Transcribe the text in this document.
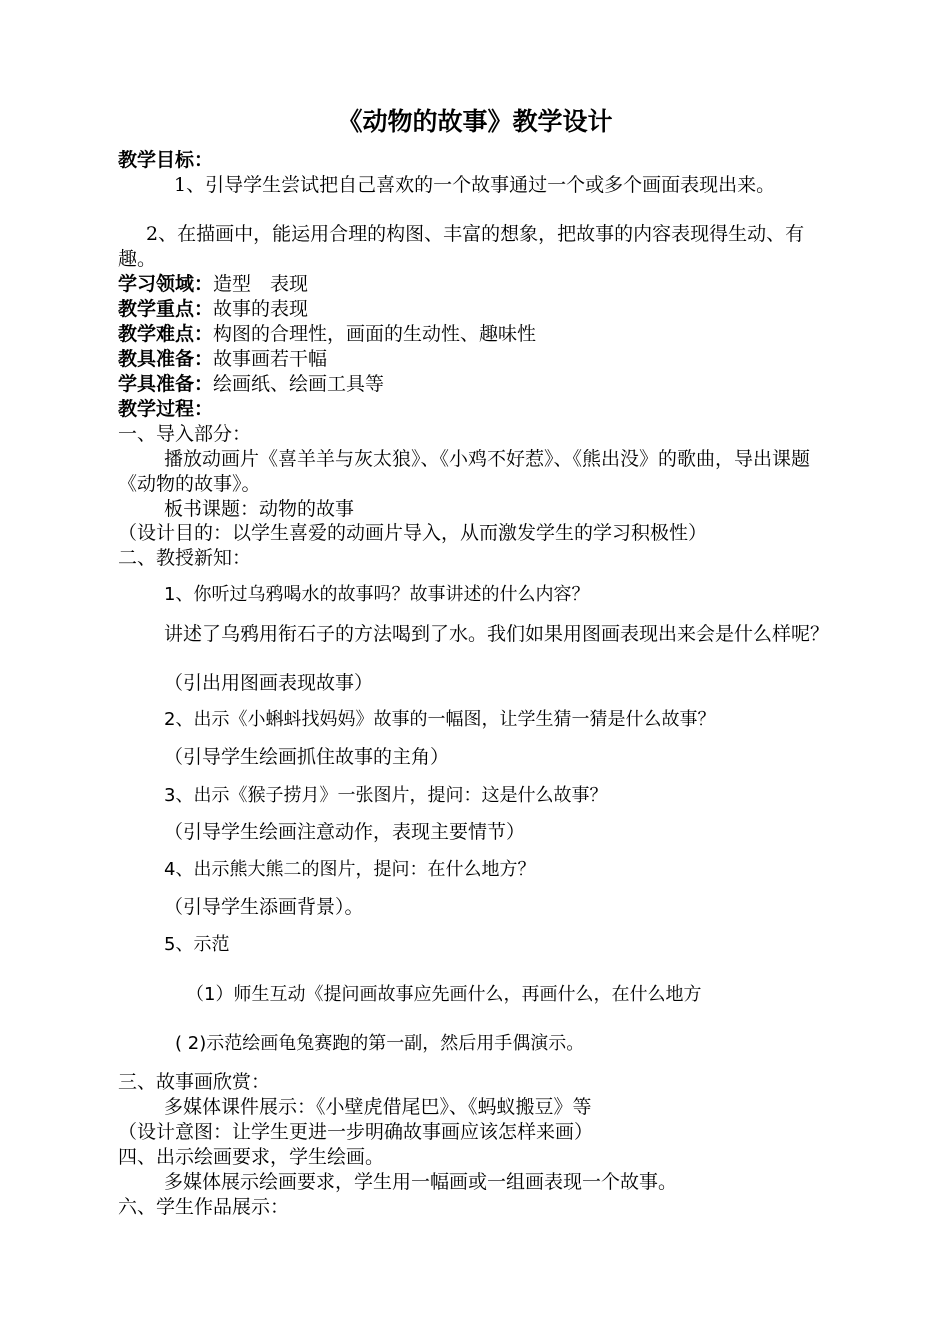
《动物的故事》教学设计
教学目标：
1、引导学生尝试把自己喜欢的一个故事通过一个或多个画面表现出来。
2、在描画中，能运用合理的构图、丰富的想象，把故事的内容表现得生动、有趣。
学习领域：造型　表现
教学重点：故事的表现
教学难点：构图的合理性，画面的生动性、趣味性
教具准备：故事画若干幅
学具准备：绘画纸、绘画工具等
教学过程：
一、导入部分：
播放动画片《喜羊羊与灰太狼》、《小鸡不好惹》、《熊出没》的歌曲，导出课题《动物的故事》。
板书课题：动物的故事
（设计目的：以学生喜爱的动画片导入，从而激发学生的学习积极性）
二、教授新知：
1、你听过乌鸦喝水的故事吗？故事讲述的什么内容？
讲述了乌鸦用衔石子的方法喝到了水。我们如果用图画表现出来会是什么样呢？
（引出用图画表现故事）
2、出示《小蝌蚪找妈妈》故事的一幅图，让学生猜一猜是什么故事？
（引导学生绘画抓住故事的主角）
3、出示《猴子捞月》一张图片，提问：这是什么故事？
（引导学生绘画注意动作，表现主要情节）
4、出示熊大熊二的图片，提问：在什么地方？
（引导学生添画背景）。
5、示范
（1）师生互动《提问画故事应先画什么，再画什么，在什么地方
( 2)示范绘画龟兔赛跑的第一副，然后用手偶演示。
三、故事画欣赏：
多媒体课件展示：《小壁虎借尾巴》、《蚂蚁搬豆》等
（设计意图：让学生更进一步明确故事画应该怎样来画）
四、出示绘画要求，学生绘画。
多媒体展示绘画要求，学生用一幅画或一组画表现一个故事。
六、学生作品展示：
